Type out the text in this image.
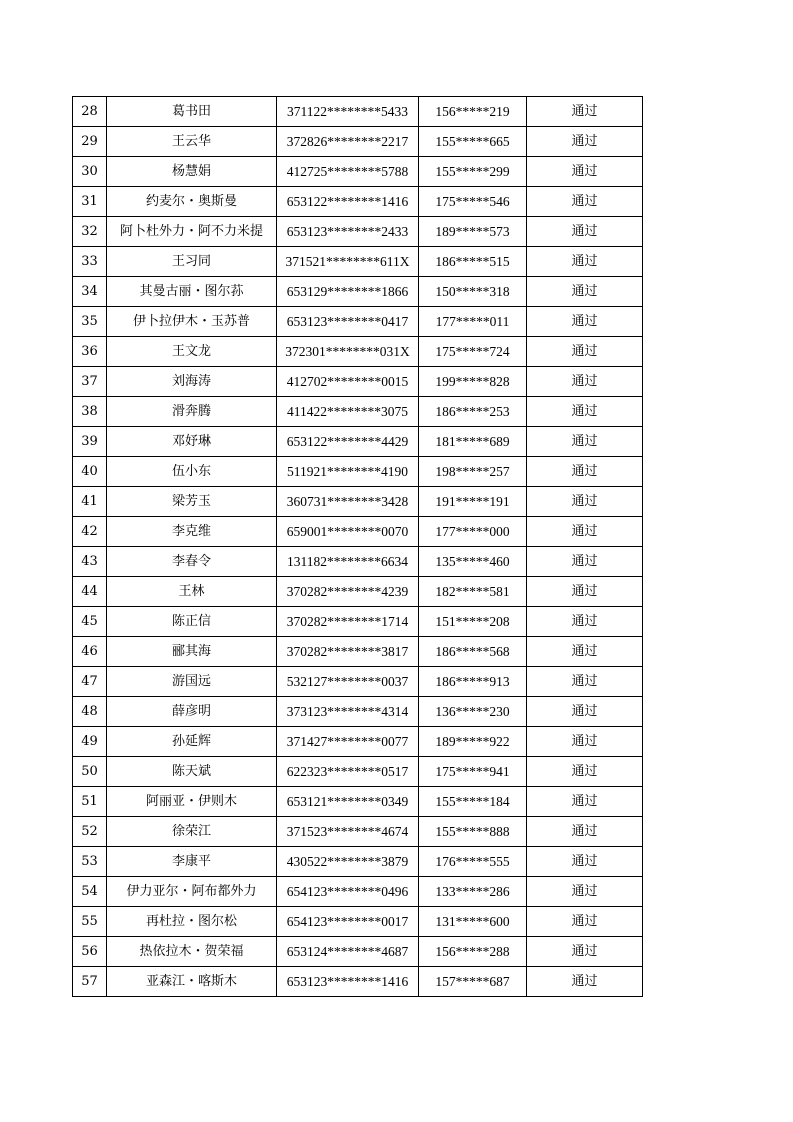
28	葛书田	371122********5433	156*****219	通过
29	王云华	372826********2217	155*****665	通过
30	杨慧娟	412725********5788	155*****299	通过
31	约麦尔・奥斯曼	653122********1416	175*****546	通过
32	阿卜杜外力・阿不力米提	653123********2433	189*****573	通过
33	王习同	371521********611X	186*****515	通过
34	其曼古丽・图尔荪	653129********1866	150*****318	通过
35	伊卜拉伊木・玉苏普	653123********0417	177*****011	通过
36	王文龙	372301********031X	175*****724	通过
37	刘海涛	412702********0015	199*****828	通过
38	滑奔腾	411422********3075	186*****253	通过
39	邓妤琳	653122********4429	181*****689	通过
40	伍小东	511921********4190	198*****257	通过
41	梁芳玉	360731********3428	191*****191	通过
42	李克维	659001********0070	177*****000	通过
43	李春令	131182********6634	135*****460	通过
44	王林	370282********4239	182*****581	通过
45	陈正信	370282********1714	151*****208	通过
46	郦其海	370282********3817	186*****568	通过
47	游国远	532127********0037	186*****913	通过
48	薛彦明	373123********4314	136*****230	通过
49	孙延辉	371427********0077	189*****922	通过
50	陈天斌	622323********0517	175*****941	通过
51	阿丽亚・伊则木	653121********0349	155*****184	通过
52	徐荣江	371523********4674	155*****888	通过
53	李康平	430522********3879	176*****555	通过
54	伊力亚尔・阿布都外力	654123********0496	133*****286	通过
55	再杜拉・图尔松	654123********0017	131*****600	通过
56	热依拉木・贺荣福	653124********4687	156*****288	通过
57	亚森江・喀斯木	653123********1416	157*****687	通过
